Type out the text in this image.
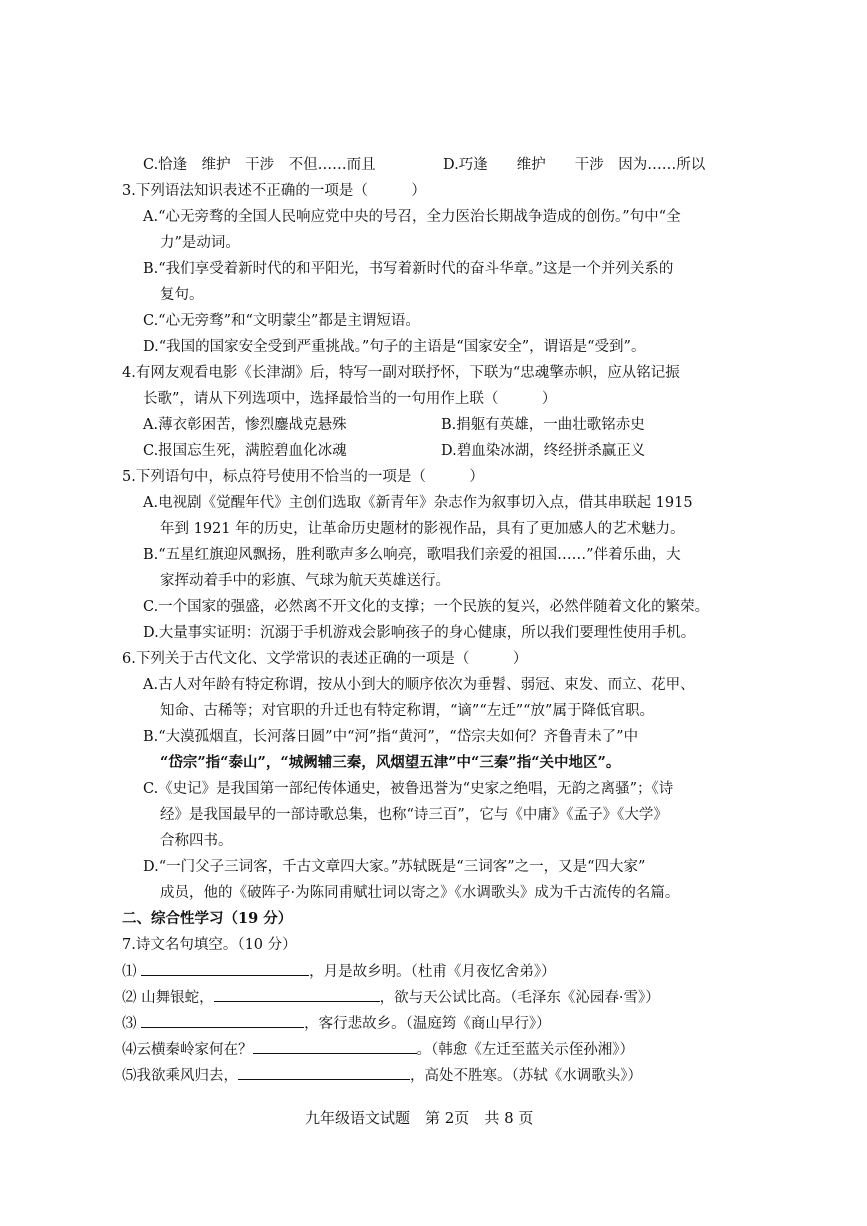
C.恰逢　维护　干涉　不但……而且	D.巧逢　　维护　　干涉　因为……所以
3.下列语法知识表述不正确的一项是（　　　）
A.“心无旁骛的全国人民响应党中央的号召，全力医治长期战争造成的创伤。”句中“全
力”是动词。
B.“我们享受着新时代的和平阳光，书写着新时代的奋斗华章。”这是一个并列关系的
复句。
C.“心无旁骛”和“文明蒙尘”都是主谓短语。
D.“我国的国家安全受到严重挑战。”句子的主语是“国家安全”，谓语是“受到”。
4.有网友观看电影《长津湖》后，特写一副对联抒怀，下联为“忠魂擎赤帜，应从铭记振
长歌”，请从下列选项中，选择最恰当的一句用作上联（　　　）
A.薄衣彰困苦，惨烈鏖战克悬殊	B.捐躯有英雄，一曲壮歌铭赤史
C.报国忘生死，满腔碧血化冰魂	D.碧血染冰湖，终经拼杀赢正义
5.下列语句中，标点符号使用不恰当的一项是（　　　）
A.电视剧《觉醒年代》主创们选取《新青年》杂志作为叙事切入点，借其串联起 1915
年到 1921 年的历史，让革命历史题材的影视作品，具有了更加感人的艺术魅力。
B.“五星红旗迎风飘扬，胜利歌声多么响亮，歌唱我们亲爱的祖国……”伴着乐曲，大
家挥动着手中的彩旗、气球为航天英雄送行。
C.一个国家的强盛，必然离不开文化的支撑；一个民族的复兴，必然伴随着文化的繁荣。
D.大量事实证明：沉溺于手机游戏会影响孩子的身心健康，所以我们要理性使用手机。
6.下列关于古代文化、文学常识的表述正确的一项是（　　　）
A.古人对年龄有特定称谓，按从小到大的顺序依次为垂髫、弱冠、束发、而立、花甲、
知命、古稀等；对官职的升迁也有特定称谓，“谪”“左迁”“放”属于降低官职。
B.“大漠孤烟直，长河落日圆”中“河”指“黄河”，“岱宗夫如何？齐鲁青未了”中
“岱宗”指“泰山”，“城阙辅三秦，风烟望五津”中“三秦”指“关中地区”。
C.《史记》是我国第一部纪传体通史，被鲁迅誉为“史家之绝唱，无韵之离骚”；《诗
经》是我国最早的一部诗歌总集，也称“诗三百”，它与《中庸》《孟子》《大学》
合称四书。
D.“一门父子三词客，千古文章四大家。”苏轼既是“三词客”之一，又是“四大家”
成员，他的《破阵子·为陈同甫赋壮词以寄之》《水调歌头》成为千古流传的名篇。
二、综合性学习（19 分）
7.诗文名句填空。（10 分）
⑴	，月是故乡明。（杜甫《月夜忆舍弟》）
⑵ 山舞银蛇，	，欲与天公试比高。（毛泽东《沁园春·雪》）
⑶	，客行悲故乡。（温庭筠《商山早行》）
⑷云横秦岭家何在？	。（韩愈《左迁至蓝关示侄孙湘》）
⑸我欲乘风归去，	，高处不胜寒。（苏轼《水调歌头》）
九年级语文试题　第 2页　共 8 页
